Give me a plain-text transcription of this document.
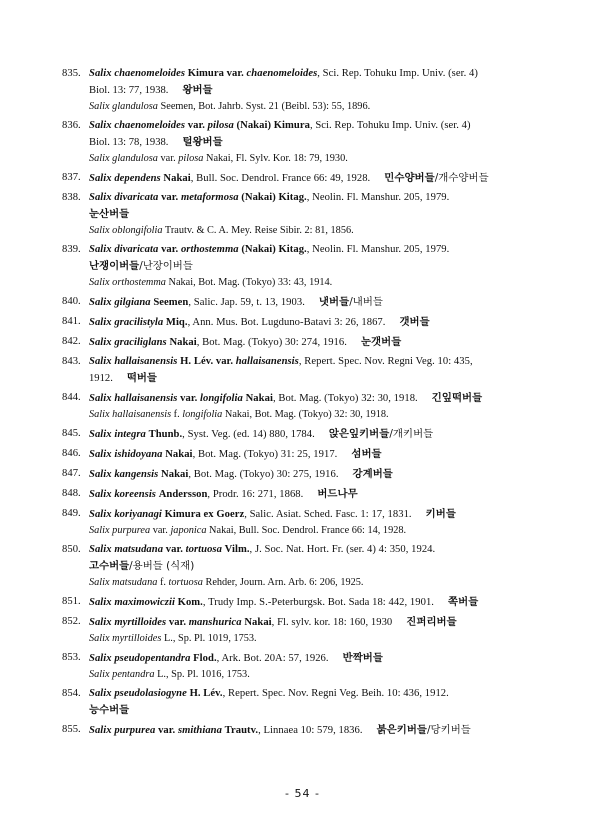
835. Salix chaenomeloides Kimura var. chaenomeloides, Sci. Rep. Tohuku Imp. Univ. (ser. 4)
Biol. 13: 77, 1938. 왕버들
Salix glandulosa Seemen, Bot. Jahrb. Syst. 21 (Beibl. 53): 55, 1896.
836. Salix chaenomeloides var. pilosa (Nakai) Kimura, Sci. Rep. Tohuku Imp. Univ. (ser. 4)
Biol. 13: 78, 1938. 털왕버들
Salix glandulosa var. pilosa Nakai, Fl. Sylv. Kor. 18: 79, 1930.
837. Salix dependens Nakai, Bull. Soc. Dendrol. France 66: 49, 1928. 민수양버들/개수양버들
838. Salix divaricata var. metaformosa (Nakai) Kitag., Neolin. Fl. Manshur. 205, 1979.
눈산버들
Salix oblongifolia Trautv. & C. A. Mey. Reise Sibir. 2: 81, 1856.
839. Salix divaricata var. orthostemma (Nakai) Kitag., Neolin. Fl. Manshur. 205, 1979.
난쟁이버들/난장이버들
Salix orthostemma Nakai, Bot. Mag. (Tokyo) 33: 43, 1914.
840. Salix gilgiana Seemen, Salic. Jap. 59, t. 13, 1903. 냇버들/내버들
841. Salix gracilistyla Miq., Ann. Mus. Bot. Lugduno-Batavi 3: 26, 1867. 갯버들
842. Salix graciliglans Nakai, Bot. Mag. (Tokyo) 30: 274, 1916. 눈갯버들
843. Salix hallaisanensis H. Lév. var. hallaisanensis, Repert. Spec. Nov. Regni Veg. 10: 435,
1912. 떡버들
844. Salix hallaisanensis var. longifolia Nakai, Bot. Mag. (Tokyo) 32: 30, 1918. 긴잎떡버들
Salix hallaisanensis f. longifolia Nakai, Bot. Mag. (Tokyo) 32: 30, 1918.
845. Salix integra Thunb., Syst. Veg. (ed. 14) 880, 1784. 앉은잎키버들/개키버들
846. Salix ishidoyana Nakai, Bot. Mag. (Tokyo) 31: 25, 1917. 섬버들
847. Salix kangensis Nakai, Bot. Mag. (Tokyo) 30: 275, 1916. 강계버들
848. Salix koreensis Andersson, Prodr. 16: 271, 1868. 버드나무
849. Salix koriyanagi Kimura ex Goerz, Salic. Asiat. Sched. Fasc. 1: 17, 1831. 키버들
Salix purpurea var. japonica Nakai, Bull. Soc. Dendrol. France 66: 14, 1928.
850. Salix matsudana var. tortuosa Vilm., J. Soc. Nat. Hort. Fr. (ser. 4) 4: 350, 1924.
고수버들/용버들 (식재)
Salix matsudana f. tortuosa Rehder, Journ. Arn. Arb. 6: 206, 1925.
851. Salix maximowiczii Kom., Trudy Imp. S.-Peterburgsk. Bot. Sada 18: 442, 1901. 쪽버들
852. Salix myrtilloides var. manshurica Nakai, Fl. sylv. kor. 18: 160, 1930 진퍼리버들
Salix myrtilloides L., Sp. Pl. 1019, 1753.
853. Salix pseudopentandra Flod., Ark. Bot. 20A: 57, 1926. 반짝버들
Salix pentandra L., Sp. Pl. 1016, 1753.
854. Salix pseudolasiogyne H. Lév., Repert. Spec. Nov. Regni Veg. Beih. 10: 436, 1912.
능수버들
855. Salix purpurea var. smithiana Trautv., Linnaea 10: 579, 1836. 붉은키버들/당키버들
- 54 -
